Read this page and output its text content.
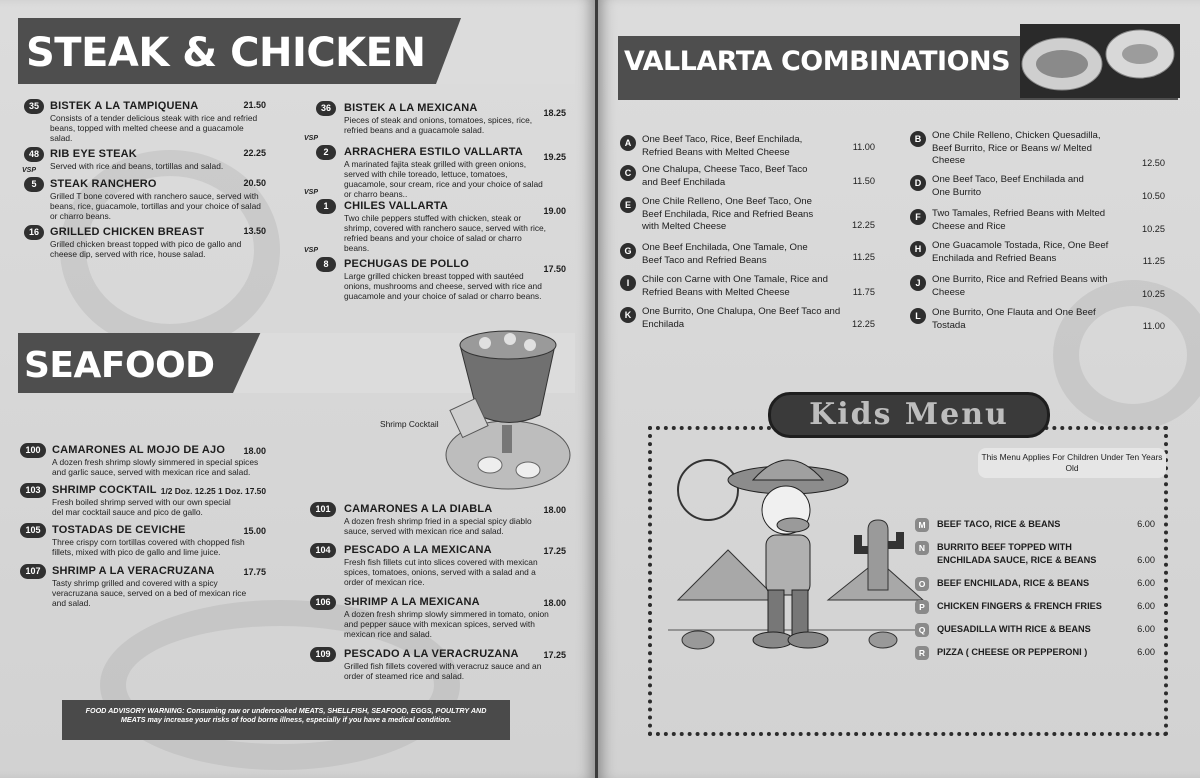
STEAK & CHICKEN
35	BISTEK A LA TAMPIQUENA	21.50
Consists of a tender delicious steak with rice and refried beans, topped with melted cheese and a guacamole salad.
48	RIB EYE STEAK	22.25
Served with rice and beans, tortillas and salad.
VSP
5	STEAK RANCHERO	20.50
Grilled T bone covered with ranchero sauce, served with beans, rice, guacamole, tortillas and your choice of salad or charro beans.
16	GRILLED CHICKEN BREAST	13.50
Grilled chicken breast topped with pico de gallo and cheese dip, served with rice, house salad.
36	BISTEK A LA MEXICANA	18.25
Pieces of steak and onions, tomatoes, spices, rice, refried beans and a guacamole salad.
VSP
2	ARRACHERA ESTILO VALLARTA	19.25
A marinated fajita steak grilled with green onions, served with chile toreado, lettuce, tomatoes, guacamole, sour cream, rice and your choice of salad or charro beans..
VSP
1	CHILES VALLARTA	19.00
Two chile peppers stuffed with chicken, steak or shrimp, covered with ranchero sauce, served with rice, refried beans and your choice of salad or charro beans.
VSP
8	PECHUGAS DE POLLO	17.50
Large grilled chicken breast topped with sautéed onions, mushrooms and cheese, served with rice and guacamole and your choice of salad or charro beans.
SEAFOOD
Shrimp Cocktail
100	CAMARONES AL MOJO DE AJO	18.00
A dozen fresh shrimp slowly simmered in special spices and garlic sauce, served with mexican rice and salad.
103	SHRIMP COCKTAIL 1/2 Doz. 12.25 1 Doz. 17.50
Fresh boiled shrimp served with our own special del mar cocktail sauce and pico de gallo.
105	TOSTADAS DE CEVICHE	15.00
Three crispy corn tortillas covered with chopped fish fillets, mixed with pico de gallo and lime juice.
107	SHRIMP A LA VERACRUZANA	17.75
Tasty shrimp grilled and covered with a spicy veracruzana sauce, served on a bed of mexican rice and salad.
101	CAMARONES A LA DIABLA	18.00
A dozen fresh shrimp fried in a special spicy diablo sauce, served with mexican rice and salad.
104	PESCADO A LA MEXICANA	17.25
Fresh fish fillets cut into slices covered with mexican spices, tomatoes, onions, served with a salad and a order of mexican rice.
106	SHRIMP A LA MEXICANA	18.00
A dozen fresh shrimp slowly simmered in tomato, onion and pepper sauce with mexican spices, served with mexican rice and salad.
109	PESCADO A LA VERACRUZANA	17.25
Grilled fish fillets covered with veracruz sauce and an order of steamed rice and salad.
FOOD ADVISORY WARNING: Consuming raw or undercooked MEATS, SHELLFISH, SEAFOOD, EGGS, POULTRY AND MEATS may increase your risks of food borne illness, especially if you have a medical condition.
VALLARTA COMBINATIONS
A	One Beef Taco, Rice, Beef Enchilada, Refried Beans with Melted Cheese	11.00
C	One Chalupa, Cheese Taco, Beef Taco and Beef Enchilada	11.50
E	One Chile Relleno, One Beef Taco, One Beef Enchilada, Rice and Refried Beans with Melted Cheese	12.25
G	One Beef Enchilada, One Tamale, One Beef Taco and Refried Beans	11.25
I	Chile con Carne with One Tamale, Rice and Refried Beans with Melted Cheese	11.75
K	One Burrito, One Chalupa, One Beef Taco and Enchilada	12.25
B	One Chile Relleno, Chicken Quesadilla, Beef Burrito, Rice or Beans w/ Melted Cheese	12.50
D	One Beef Taco, Beef Enchilada and One Burrito	10.50
F	Two Tamales, Refried Beans with Melted Cheese and Rice	10.25
H	One Guacamole Tostada, Rice, One Beef Enchilada and Refried Beans	11.25
J	One Burrito, Rice and Refried Beans with Cheese	10.25
L	One Burrito, One Flauta and One Beef Tostada	11.00
Kids Menu
This Menu Applies For Children Under Ten Years Old
M	BEEF TACO, RICE & BEANS	6.00
N	BURRITO BEEF TOPPED WITH ENCHILADA SAUCE, RICE & BEANS	6.00
O	BEEF ENCHILADA, RICE & BEANS	6.00
P	CHICKEN FINGERS & FRENCH FRIES	6.00
Q	QUESADILLA WITH RICE & BEANS	6.00
R	PIZZA ( CHEESE OR PEPPERONI )	6.00
